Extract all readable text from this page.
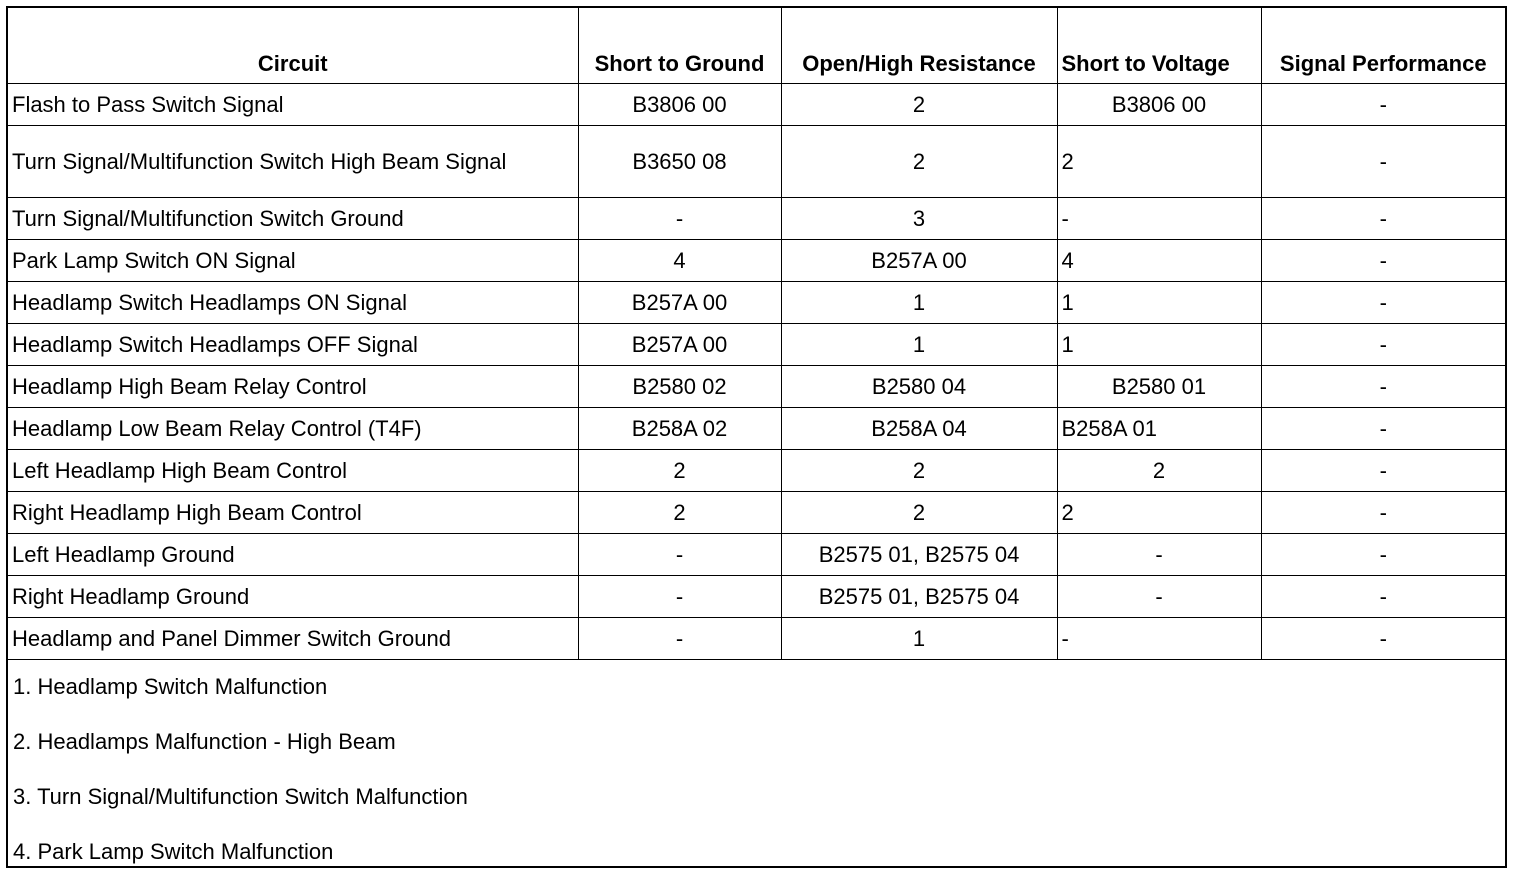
Circuit	Short to Ground	Open/High Resistance	Short to Voltage	Signal Performance
Flash to Pass Switch Signal	B3806 00	2	B3806 00	-
Turn Signal/Multifunction Switch High Beam Signal	B3650 08	2	2	-
Turn Signal/Multifunction Switch Ground	-	3	-	-
Park Lamp Switch ON Signal	4	B257A 00	4	-
Headlamp Switch Headlamps ON Signal	B257A 00	1	1	-
Headlamp Switch Headlamps OFF Signal	B257A 00	1	1	-
Headlamp High Beam Relay Control	B2580 02	B2580 04	B2580 01	-
Headlamp Low Beam Relay Control (T4F)	B258A 02	B258A 04	B258A 01	-
Left Headlamp High Beam Control	2	2	2	-
Right Headlamp High Beam Control	2	2	2	-
Left Headlamp Ground	-	B2575 01, B2575 04	-	-
Right Headlamp Ground	-	B2575 01, B2575 04	-	-
Headlamp and Panel Dimmer Switch Ground	-	1	-	-
1. Headlamp Switch Malfunction
2. Headlamps Malfunction - High Beam
3. Turn Signal/Multifunction Switch Malfunction
4. Park Lamp Switch Malfunction
